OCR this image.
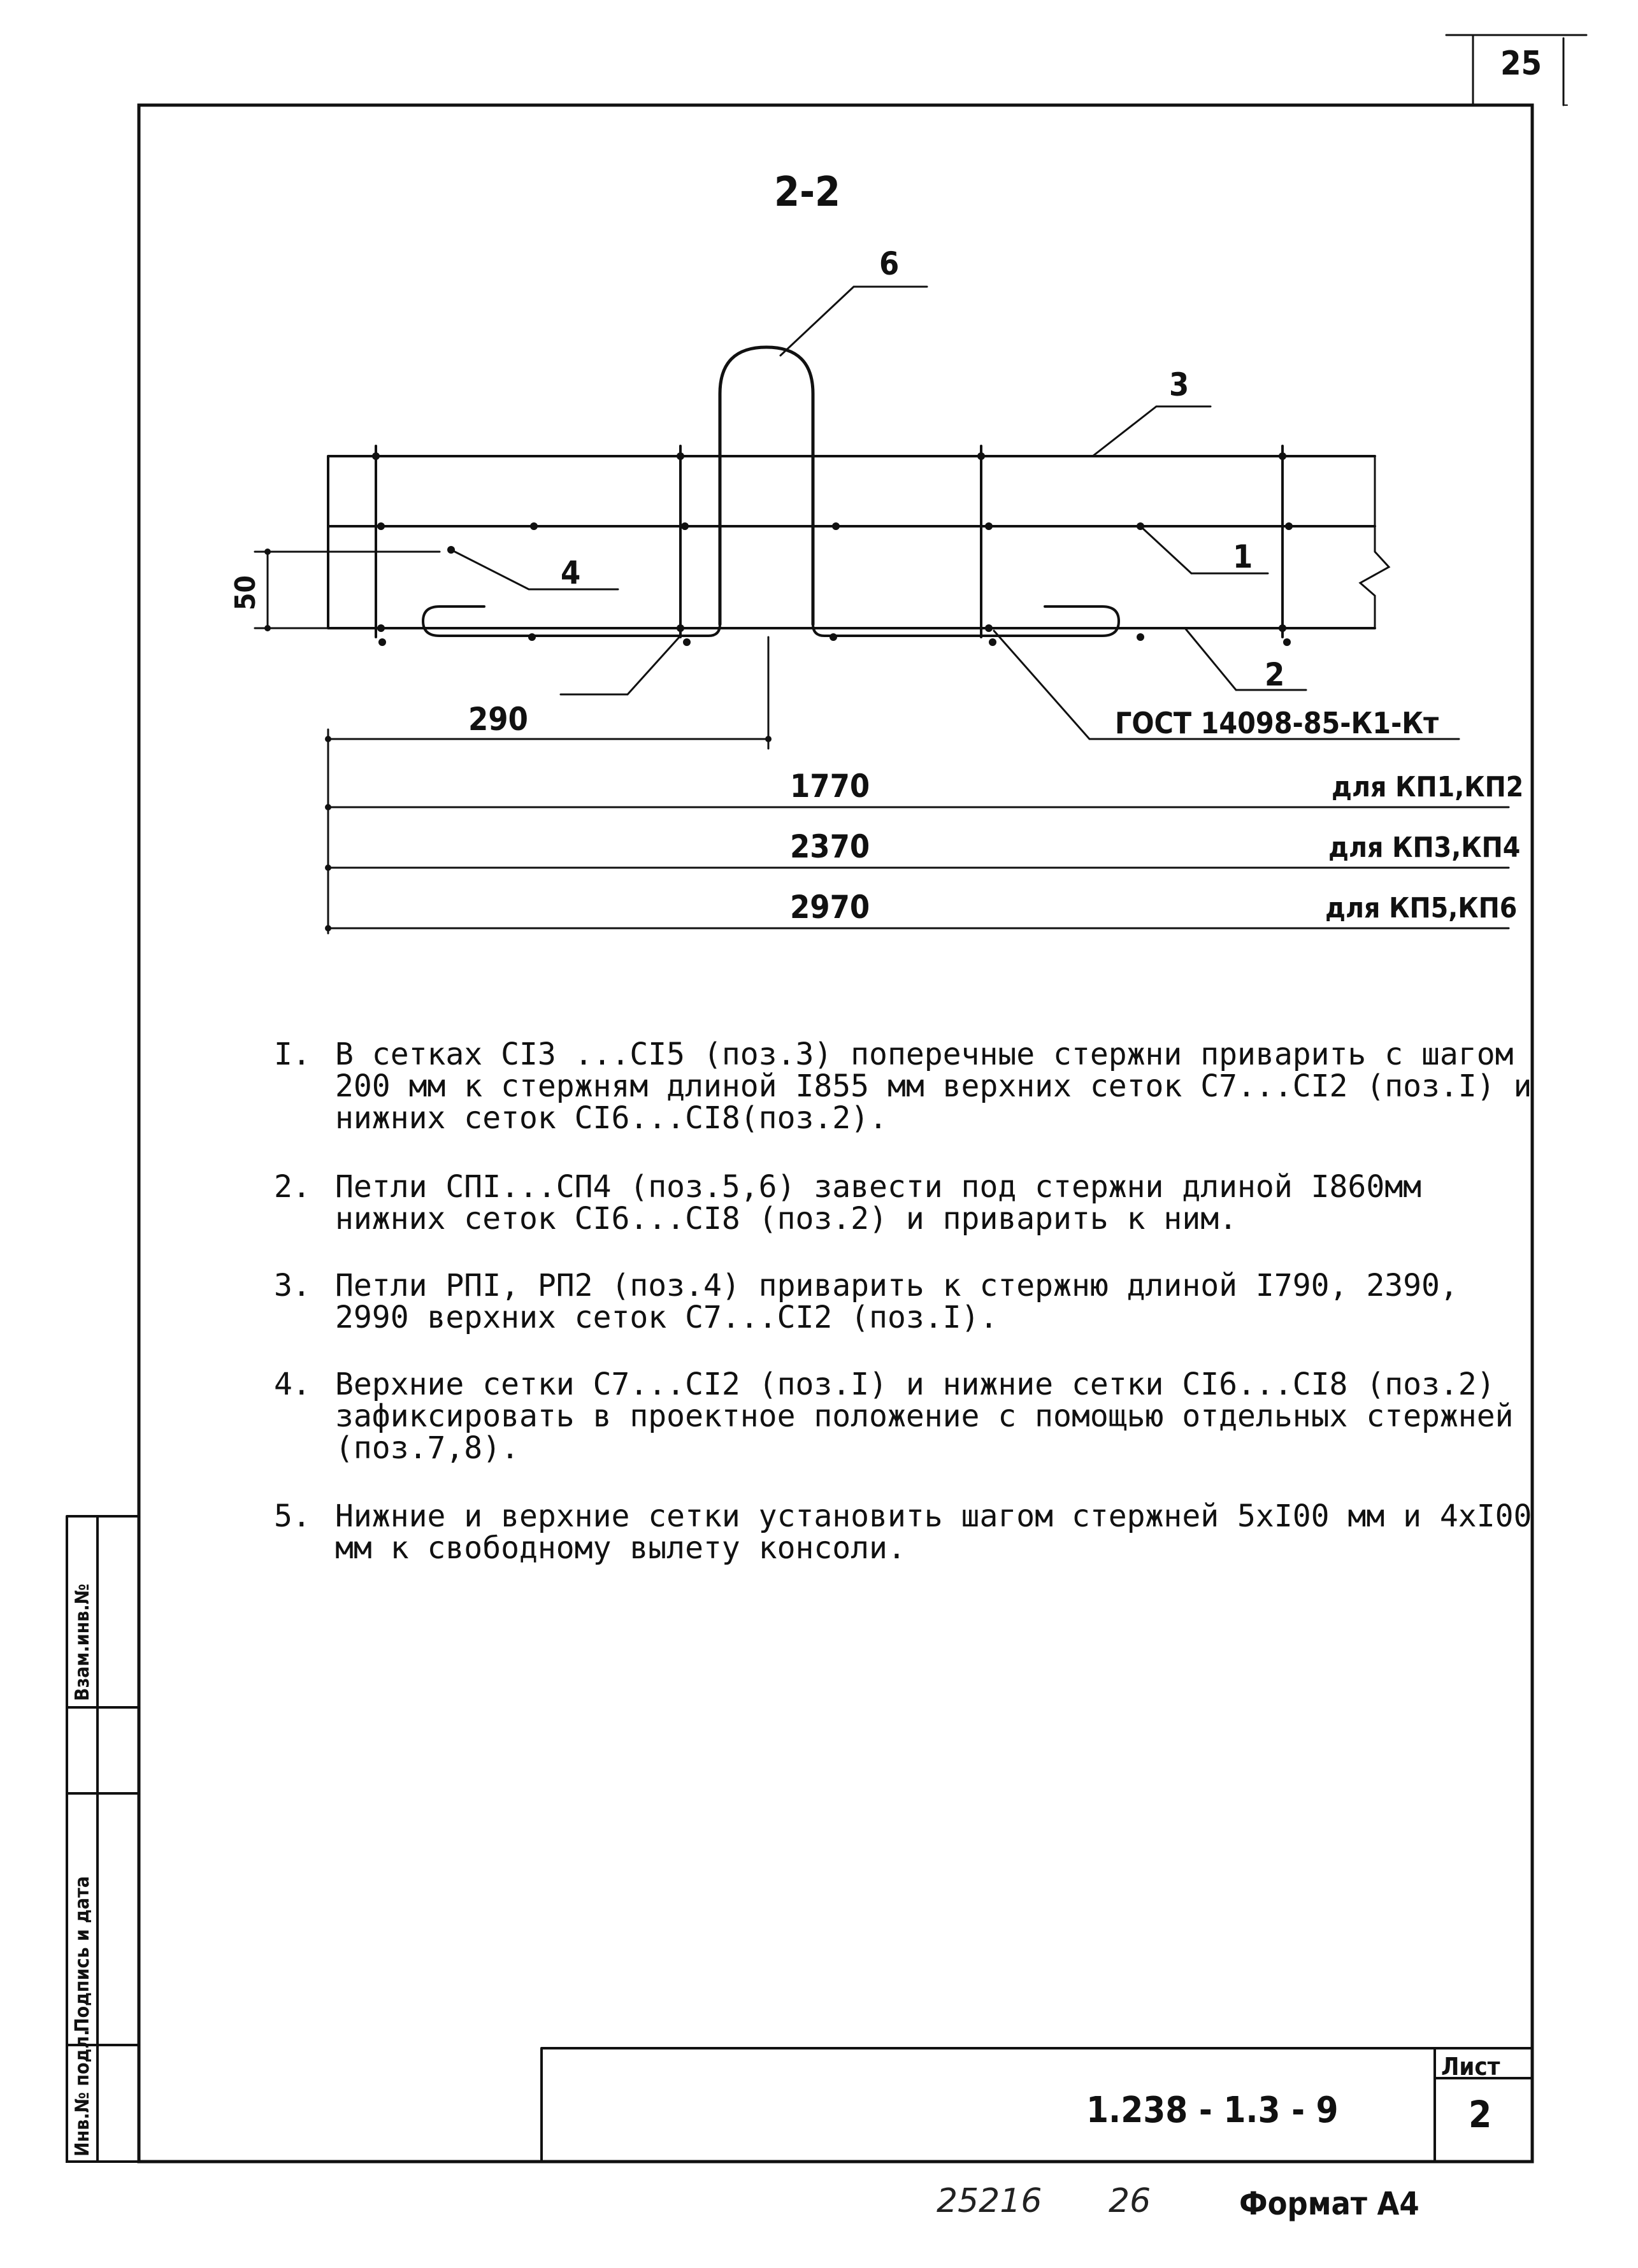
25
2-2
6
3
1
4
2
ГОСТ 14098-85-К1-Кт
50
290
1770	для КП1,КП2
2370	для КП3,КП4
2970	для КП5,КП6
I. В сетках СI3 ...СI5 (поз.3) поперечные стержни приварить с шагом 200 мм к стержням длиной I855 мм верхних сеток С7...СI2 (поз.I) и нижних сеток СI6...СI8(поз.2).
2. Петли СПI...СП4 (поз.5,6) завести под стержни длиной I860мм нижних сеток СI6...СI8 (поз.2) и приварить к ним.
3. Петли РПI, РП2 (поз.4) приварить к стержню длиной I790, 2390, 2990 верхних сеток С7...СI2 (поз.I).
4. Верхние сетки С7...СI2 (поз.I) и нижние сетки СI6...СI8 (поз.2) зафиксировать в проектное положение с помощью отдельных стержней (поз.7,8).
5. Нижние и верхние сетки установить шагом стержней 5хI00 мм и 4хI00 мм к свободному вылету консоли.
Инв.№ подл.
Подпись и дата
Взам.инв.№
1.238 - 1.3 - 9
Лист
2
25216 26	Формат А4
